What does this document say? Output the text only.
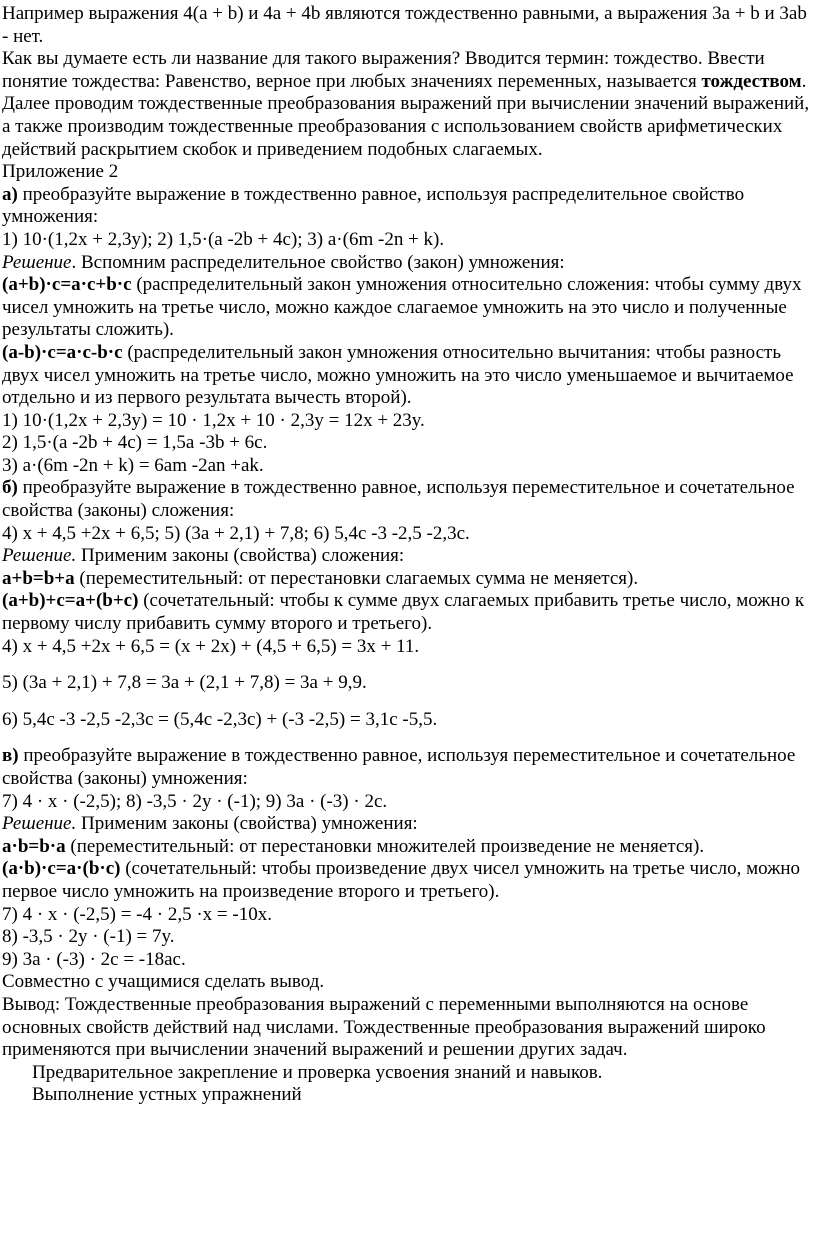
Например выражения 4(a + b) и 4a + 4b являются тождественно равными, а выражения 3a + b и 3ab - нет.

Как вы думаете есть ли название для такого выражения? Вводится термин: тождество. Ввести понятие тождества: Равенство, верное при любых значениях переменных, называется тождеством.

Далее проводим тождественные преобразования выражений при вычислении значений выражений, а также производим тождественные преобразования с использованием свойств арифметических действий раскрытием скобок и приведением подобных слагаемых.

Приложение 2

а) преобразуйте выражение в тождественно равное, используя распределительное свойство умножения:

1) 10·(1,2x + 2,3y); 2) 1,5·(a -2b + 4c); 3) a·(6m -2n + k).

Решение. Вспомним распределительное свойство (закон) умножения:

(a+b)·c=a·c+b·c (распределительный закон умножения относительно сложения: чтобы сумму двух чисел умножить на третье число, можно каждое слагаемое умножить на это число и полученные результаты сложить).

(a-b)·c=a·c-b·c (распределительный закон умножения относительно вычитания: чтобы разность двух чисел умножить на третье число, можно умножить на это число уменьшаемое и вычитаемое отдельно и из первого результата вычесть второй).

1) 10·(1,2x + 2,3y) = 10 · 1,2x + 10 · 2,3y = 12x + 23y.

2) 1,5·(a -2b + 4c) = 1,5a -3b + 6c.

3) a·(6m -2n + k) = 6am -2an +ak.

б) преобразуйте выражение в тождественно равное, используя переместительное и сочетательное свойства (законы) сложения:

4) x + 4,5 +2x + 6,5; 5) (3a + 2,1) + 7,8; 6) 5,4c -3 -2,5 -2,3c.

Решение. Применим законы (свойства) сложения:

a+b=b+a (переместительный: от перестановки слагаемых сумма не меняется).

(a+b)+c=a+(b+c) (сочетательный: чтобы к сумме двух слагаемых прибавить третье число, можно к первому числу прибавить сумму второго и третьего).

4) x + 4,5 +2x + 6,5 = (x + 2x) + (4,5 + 6,5) = 3x + 11.

5) (3a + 2,1) + 7,8 = 3a + (2,1 + 7,8) = 3a + 9,9.

6) 5,4c -3 -2,5 -2,3c = (5,4c -2,3c) + (-3 -2,5) = 3,1c -5,5.

в) преобразуйте выражение в тождественно равное, используя переместительное и сочетательное свойства (законы) умножения:

7) 4 · x · (-2,5); 8) -3,5 · 2y · (-1); 9) 3a · (-3) · 2c.

Решение. Применим законы (свойства) умножения:

a·b=b·a (переместительный: от перестановки множителей произведение не меняется).

(a·b)·c=a·(b·c) (сочетательный: чтобы произведение двух чисел умножить на третье число, можно первое число умножить на произведение второго и третьего).

7) 4 · x · (-2,5) = -4 · 2,5 ·x = -10x.

8) -3,5 · 2y · (-1) = 7y.

9) 3a · (-3) · 2c = -18ac.

Совместно с учащимися сделать вывод.

Вывод: Тождественные преобразования выражений с переменными выполняются на основе основных свойств действий над числами. Тождественные преобразования выражений широко применяются при вычислении значений выражений и решении других задач.

Предварительное закрепление и проверка усвоения знаний и навыков.

Выполнение устных упражнений
